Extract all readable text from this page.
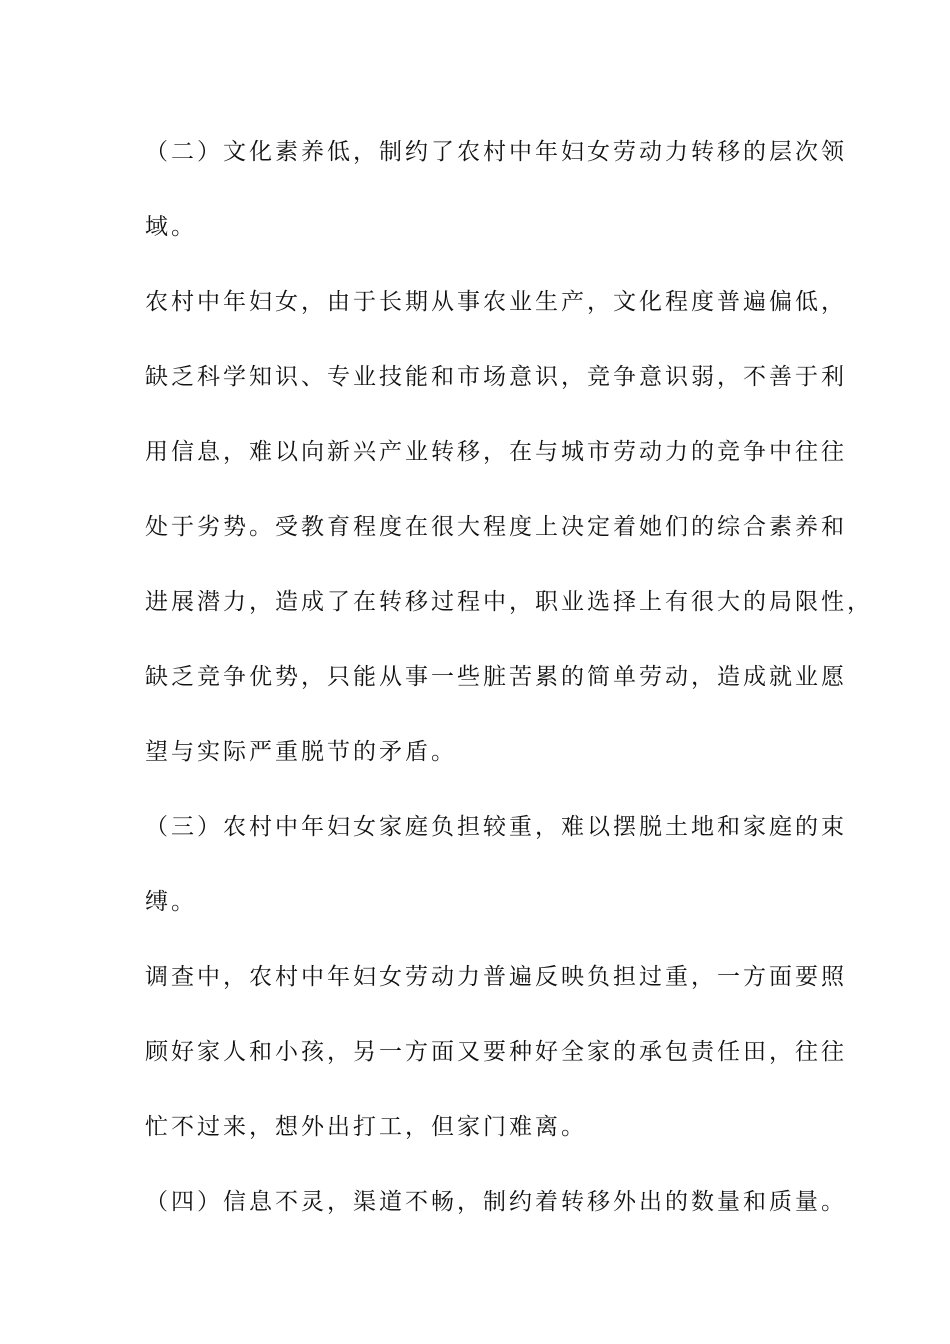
（二）文化素养低，制约了农村中年妇女劳动力转移的层次领
域。
农村中年妇女，由于长期从事农业生产，文化程度普遍偏低，
缺乏科学知识、专业技能和市场意识，竞争意识弱，不善于利
用信息，难以向新兴产业转移，在与城市劳动力的竞争中往往
处于劣势。受教育程度在很大程度上决定着她们的综合素养和
进展潜力，造成了在转移过程中，职业选择上有很大的局限性，
缺乏竞争优势，只能从事一些脏苦累的简单劳动，造成就业愿
望与实际严重脱节的矛盾。
（三）农村中年妇女家庭负担较重，难以摆脱土地和家庭的束
缚。
调查中，农村中年妇女劳动力普遍反映负担过重，一方面要照
顾好家人和小孩，另一方面又要种好全家的承包责任田，往往
忙不过来，想外出打工，但家门难离。
（四）信息不灵，渠道不畅，制约着转移外出的数量和质量。
